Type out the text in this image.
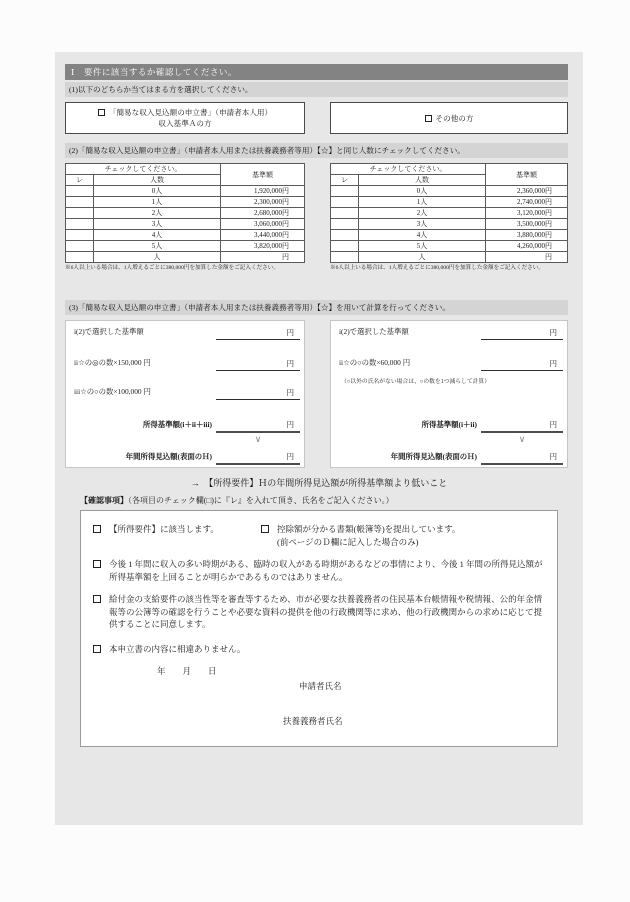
Ⅰ　要件に該当するか確認してください。
(1)以下のどちらか当てはまる方を選択してください。
「簡易な収入見込額の申立書」（申請者本人用）
収入基準Ａの方
その他の方
(2)「簡易な収入見込額の申立書」（申請者本人用または扶養義務者等用）【☆】と同じ人数にチェックしてください。
チェックしてください。		基準額
レ	人数	
	0人	1,920,000円
	1人	2,300,000円
	2人	2,680,000円
	3人	3,060,000円
	4人	3,440,000円
	5人	3,820,000円
	人	円
※6人以上いる場合は、1人増えるごとに380,000円を加算した金額をご記入ください。
チェックしてください。		基準額
レ	人数	
	0人	2,360,000円
	1人	2,740,000円
	2人	3,120,000円
	3人	3,500,000円
	4人	3,880,000円
	5人	4,260,000円
	人	円
※6人以上いる場合は、1人増えるごとに380,000円を加算した金額をご記入ください。
(3)「簡易な収入見込額の申立書」（申請者本人用または扶養義務者等用）【☆】を用いて計算を行ってください。
i(2)で選択した基準額	円
ii☆の◎の数×150,000 円	円
iii☆の○の数×100,000 円	円
所得基準額(i＋ii＋iii)	円
∨
年間所得見込額(表面のＨ)	円
i(2)で選択した基準額	円
ii☆の○の数×60,000 円	円
（○以外の氏名がない場合は、○の数を1つ減らして計算）
所得基準額(i＋ii)	円
∨
年間所得見込額(表面のＨ)	円
→　【所得要件】Ｈの年間所得見込額が所得基準額より低いこと
【確認事項】（各項目のチェック欄(□)に『レ』を入れて頂き、氏名をご記入ください。）
【所得要件】に該当します。	控除額が分かる書類(帳簿等)を提出しています。
(前ページのＤ欄に記入した場合のみ)
今後 1 年間に収入の多い時期がある、臨時の収入がある時期があるなどの事情により、今後 1 年間の所得見込額が所得基準額を上回ることが明らかであるものではありません。
給付金の支給要件の該当性等を審査等するため、市が必要な扶養義務者の住民基本台帳情報や税情報、公的年金情報等の公簿等の確認を行うことや必要な資料の提供を他の行政機関等に求め、他の行政機関からの求めに応じて提供することに同意します。
本申立書の内容に相違ありません。
年　　月　　日
申請者氏名
扶養義務者氏名
